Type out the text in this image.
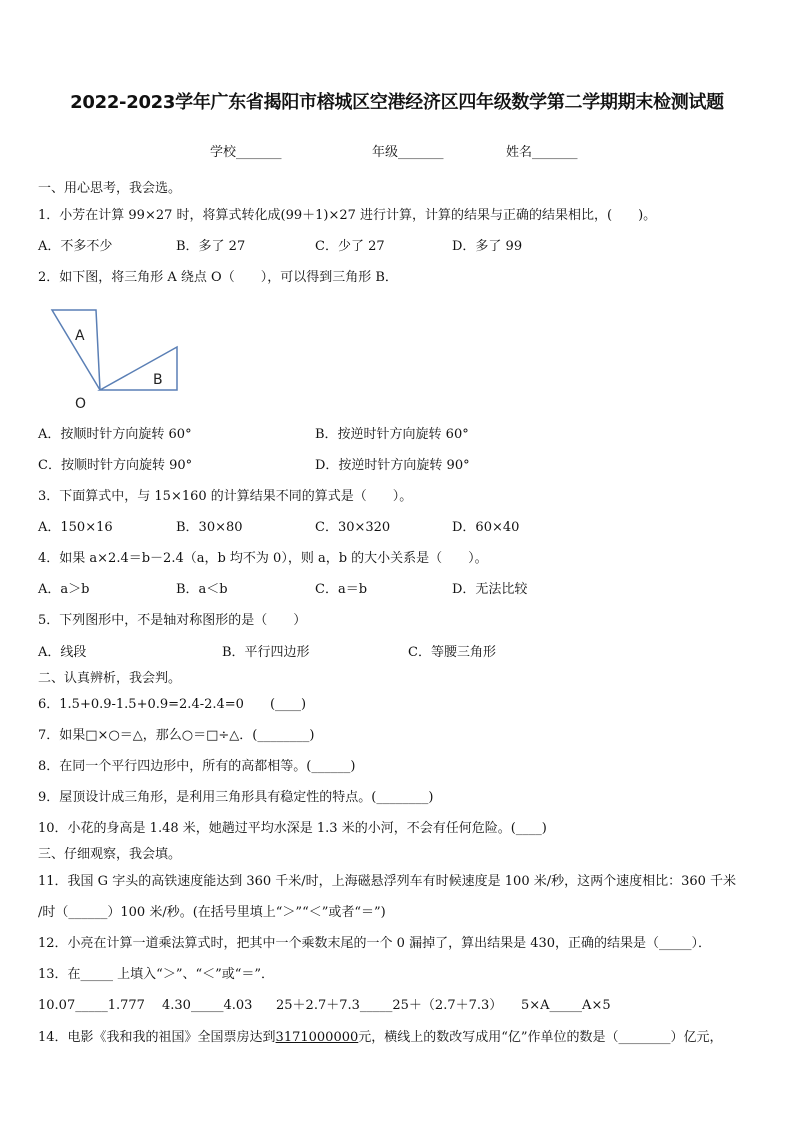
2022-2023学年广东省揭阳市榕城区空港经济区四年级数学第二学期期末检测试题
学校_______	年级_______	姓名_______
一、用心思考，我会选。
1．小芳在计算 99×27 时，将算式转化成(99＋1)×27 进行计算，计算的结果与正确的结果相比，(　　)。
A．不多不少	B．多了 27	C．少了 27	D．多了 99
2．如下图，将三角形 A 绕点 O（　　），可以得到三角形 B．
A
B
O
A．按顺时针方向旋转 60°	B．按逆时针方向旋转 60°
C．按顺时针方向旋转 90°	D．按逆时针方向旋转 90°
3．下面算式中，与 15×160 的计算结果不同的算式是（　　）。
A．150×16	B．30×80	C．30×320	D．60×40
4．如果 a×2.4＝b－2.4（a，b 均不为 0），则 a，b 的大小关系是（　　）。
A．a＞b	B．a＜b	C．a＝b	D．无法比较
5．下列图形中，不是轴对称图形的是（　　）
A．线段	B．平行四边形	C．等腰三角形
二、认真辨析，我会判。
6．1.5+0.9-1.5+0.9=2.4-2.4=0　　(____)
7．如果□×○＝△，那么○＝□÷△．(________)
8．在同一个平行四边形中，所有的高都相等。(______)
9．屋顶设计成三角形，是利用三角形具有稳定性的特点。(________)
10．小花的身高是 1.48 米，她趟过平均水深是 1.3 米的小河，不会有任何危险。(____)
三、仔细观察，我会填。
11．我国 G 字头的高铁速度能达到 360 千米/时，上海磁悬浮列车有时候速度是 100 米/秒，这两个速度相比：360 千米
/时（______）100 米/秒。(在括号里填上“＞”“＜”或者“＝”)
12．小亮在计算一道乘法算式时，把其中一个乘数末尾的一个 0 漏掉了，算出结果是 430，正确的结果是（_____）．
13．在_____ 上填入“＞”、“＜”或“＝”．
10.07_____1.777 4.30_____4.03 25＋2.7＋7.3_____25＋（2.7＋7.3） 5×A_____A×5
14．电影《我和我的祖国》全国票房达到3171000000元，横线上的数改写成用“亿”作单位的数是（________）亿元，
